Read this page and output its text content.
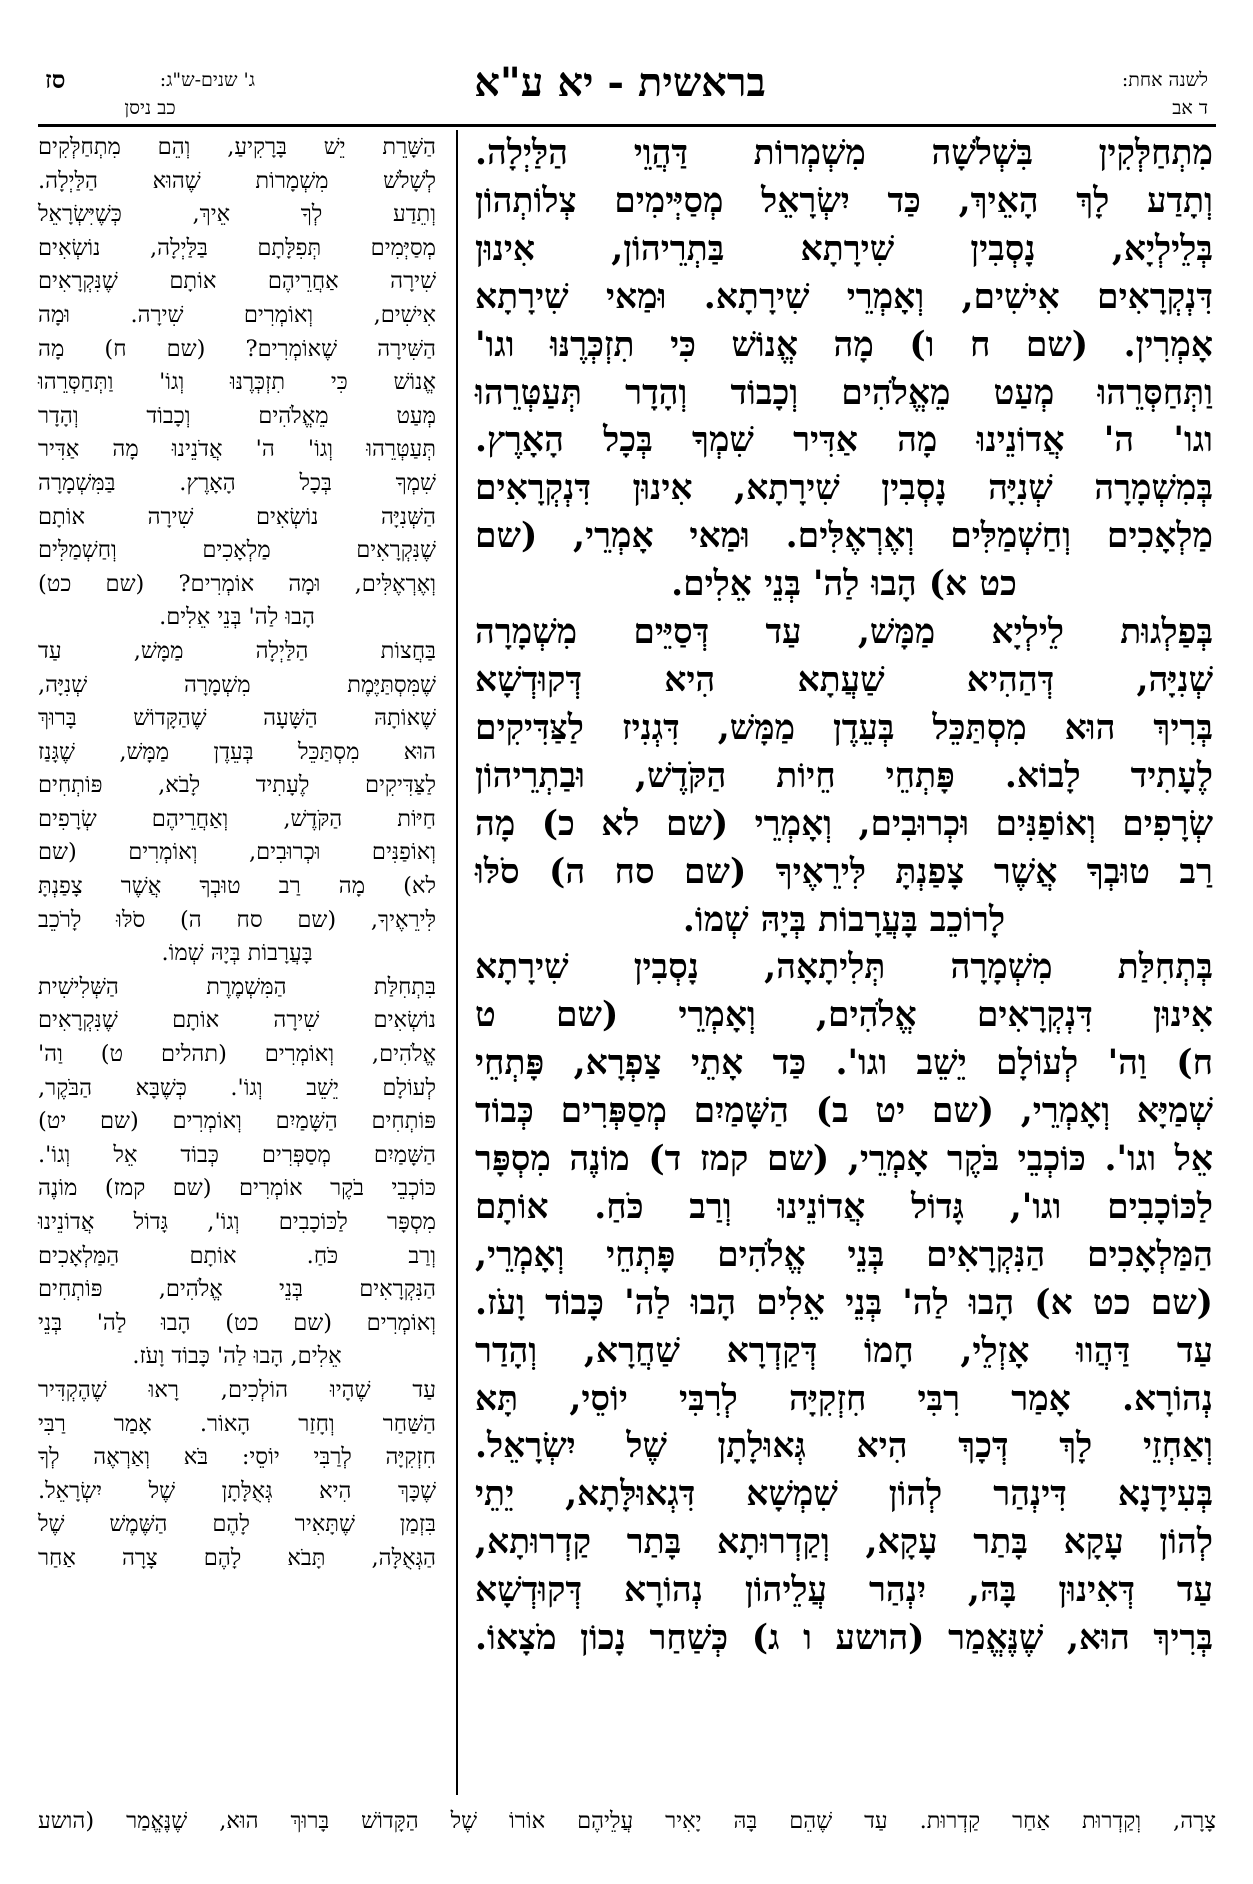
לשנה אחת:
ד אב
בראשית - יא ע"א
ג' שנים-ש"ג:
סז
כב ניסן

מִתְחַלְּקִין בִּשְׁלֹשָׁה מִשְׁמְרוֹת דַּהֲוֵי הַלַּיְלָה.

וְתָדַע לָךְ הָאֵיךְ, כַּד יִשְׂרָאֵל מְסַיְּימִים צְלוֹתְהוֹן

בְּלֵילְיָא, נָסְבִין שִׁירָתָא בַּתְרֵיהוֹן, אִינוּן

דִּנְקְרָאִים אִישִׁים, וְאָמְרֵי שִׁירָתָא. וּמַאי שִׁירָתָא

אָמְרִין. (שם ח ו) מָה אֱנוֹשׁ כִּי תִזְכְּרֶנּוּ וגו'

וַתְּחַסְּרֵהוּ מְעַט מֵאֱלֹהִים וְכָבוֹד וְהָדָר תְּעַטְּרֵהוּ

וגו' ה' אֲדוֹנֵינוּ מָה אַדִּיר שִׁמְךָ בְּכָל הָאָרֶץ.

בְּמִשְׁמָרָה שְׁנִיָּה נָסְבִין שִׁירָתָא, אִינוּן דִּנְקְרָאִים

מַלְאָכִים וְחַשְׁמַלִּים וְאֶרְאֶלִּים. וּמַאי אָמְרֵי, (שם

כט א) הָבוּ לַה' בְּנֵי אֵלִים.

בְּפַלְגוּת לֵילְיָא מַמָּשׁ, עַד דְּסַיֵּים מִשְׁמָרָה

שְׁנִיָּה, דְּהַהִיא שַׁעֲתָא הִיא דְּקוּדְשָׁא

בְּרִיךְ הוּא מִסְתַּכֵּל בְּעֵדֶן מַמָּשׁ, דִּגְנִיז לַצַּדִּיקִים

לֶעָתִיד לָבוֹא. פָּתְחֵי חֵיוֹת הַקֹּדֶשׁ, וּבַתְרֵיהוֹן

שְׂרָפִים וְאוֹפַנִּים וּכְרוּבִים, וְאָמְרֵי (שם לא כ) מָה

רַב טוּבְךָ אֲשֶׁר צָפַנְתָּ לִּירֵאֶיךָ (שם סח ה) סֹלּוּ

לָרוֹכֵב בָּעֲרָבוֹת בְּיָהּ שְׁמוֹ.

בְּתְחִלַּת מִשְׁמָרָה תְּלִיתָאָה, נָסְבִין שִׁירָתָא

אִינוּן דִּנְקְרָאִים אֱלֹהִים, וְאָמְרֵי (שם ט

ח) וַה' לְעוֹלָם יֵשֵׁב וגו'. כַּד אָתֵי צַפְרָא, פָּתְחֵי

שְׁמַיָּא וְאָמְרֵי, (שם יט ב) הַשָּׁמַיִם מְסַפְּרִים כְּבוֹד

אֵל וגו'. כּוֹכְבֵי בֹּקֶר אָמְרֵי, (שם קמז ד) מוֹנֶה מִסְפָּר

לַכּוֹכָבִים וגו', גָּדוֹל אֲדוֹנֵינוּ וְרַב כֹּחַ. אוֹתָם

הַמַּלְאָכִים הַנִּקְרָאִים בְּנֵי אֱלֹהִים פָּתְחֵי וְאָמְרֵי,

(שם כט א) הָבוּ לַה' בְּנֵי אֵלִים הָבוּ לַה' כָּבוֹד וָעֹז.

עַד דַּהֲווּ אָזְלֵי, חָמוֹ דְּקַדְרָא שַׁחֲרָא, וְהָדַר

נְהוֹרָא. אָמַר רִבִּי חִזְקִיָּה לְרִבִּי יוֹסֵי, תָּא

וְאַחְזֵי לָךְ דְּכָךְ הִיא גְּאוּלָתָן שֶׁל יִשְׂרָאֵל.

בְּעִידָנָא דִּינְהַר לְהוֹן שִׁמְשָׁא דִּגְאוּלָּתָא, יֵתֵי

לְהוֹן עָקָא בָּתַר עָקָא, וְקַדְרוּתָא בָּתַר קַדְרוּתָא,

עַד דְּאִינוּן בָּהּ, יִנְהַר עֲלֵיהוֹן נְהוֹרָא דְּקוּדְשָׁא

בְּרִיךְ הוּא, שֶׁנֶּאֱמַר (הושע ו ג) כְּשַׁחַר נָכוֹן מֹצָאוֹ.

הַשָּׁרֵת יֵשׁ בָּרָקִיעַ, וְהֵם מִתְחַלְּקִים

לְשָׁלֹשׁ מִשְׁמָרוֹת שֶׁהוּא הַלַּיְלָה.

וְתֵדַע לְךָ אֵיךְ, כְּשֶׁיִּשְׂרָאֵל

מְסַיְּמִים תְּפִלָּתָם בַּלַּיְלָה, נוֹשְׂאִים

שִׁירָה אַחֲרֵיהֶם אוֹתָם שֶׁנִּקְרָאִים

אִישִׁים, וְאוֹמְרִים שִׁירָה. וּמָה

הַשִּׁירָה שֶׁאוֹמְרִים? (שם ח) מָה

אֱנוֹשׁ כִּי תִזְכְּרֶנּוּ וְגוֹ' וַתְּחַסְּרֵהוּ

מְּעַט מֵאֱלֹהִים וְכָבוֹד וְהָדָר

תְּעַטְּרֵהוּ וְגוֹ' ה' אֲדֹנֵינוּ מָה אַדִּיר

שִׁמְךָ בְּכָל הָאָרֶץ. בַּמִּשְׁמָרָה

הַשְּׁנִיָּה נוֹשְׂאִים שִׁירָה אוֹתָם

שֶׁנִּקְרָאִים מַלְאָכִים וְחַשְׁמַלִּים

וְאֶרְאֶלִּים, וּמָה אוֹמְרִים? (שם כט)

הָבוּ לַה' בְּנֵי אֵלִים.

בַּחֲצוֹת הַלַּיְלָה מַמָּשׁ, עַד

שֶׁמִּסְתַּיֶּמֶת מִשְׁמָרָה שְׁנִיָּה,

שֶׁאוֹתָהּ הַשָּׁעָה שֶׁהַקָּדוֹשׁ בָּרוּךְ

הוּא מִסְתַּכֵּל בְּעֵדֶן מַמָּשׁ, שֶׁגָּנַז

לַצַּדִּיקִים לֶעָתִיד לָבֹא, פּוֹתְחִים

חַיּוֹת הַקֹּדֶשׁ, וְאַחֲרֵיהֶם שְׂרָפִים

וְאוֹפַנִּים וּכְרוּבִים, וְאוֹמְרִים (שם

לא) מָה רַב טוּבְךָ אֲשֶׁר צָפַנְתָּ

לִּירֵאֶיךָ, (שם סח ה) סֹלּוּ לָרֹכֵב

בָּעֲרָבוֹת בְּיָהּ שְׁמוֹ.

בִּתְחִלַּת הַמִּשְׁמֶרֶת הַשְּׁלִישִׁית

נוֹשְׂאִים שִׁירָה אוֹתָם שֶׁנִּקְרָאִים

אֱלֹהִים, וְאוֹמְרִים (תהלים ט) וַה'

לְעוֹלָם יֵשֵׁב וְגוֹ'. כְּשֶׁבָּא הַבֹּקֶר,

פּוֹתְחִים הַשָּׁמַיִם וְאוֹמְרִים (שם יט)

הַשָּׁמַיִם מְסַפְּרִים כְּבוֹד אֵל וְגוֹ'.

כּוֹכְבֵי בֹקֶר אוֹמְרִים (שם קמז) מוֹנֶה

מִסְפָּר לַכּוֹכָבִים וְגוֹ', גָּדוֹל אֲדוֹנֵינוּ

וְרַב כֹּחַ. אוֹתָם הַמַּלְאָכִים

הַנִּקְרָאִים בְּנֵי אֱלֹהִים, פּוֹתְחִים

וְאוֹמְרִים (שם כט) הָבוּ לַה' בְּנֵי

אֵלִים, הָבוּ לַה' כָּבוֹד וָעֹז.

עַד שֶׁהָיוּ הוֹלְכִים, רָאוּ שֶׁהֶקְדִּיר

הַשַּׁחַר וְחָזַר הָאוֹר. אָמַר רַבִּי

חִזְקִיָּה לְרַבִּי יוֹסֵי: בֹּא וְאַרְאֶה לְךָ

שֶׁכָּךְ הִיא גְּאֻלָּתָן שֶׁל יִשְׂרָאֵל.

בִּזְמַן שֶׁתָּאִיר לָהֶם הַשֶּׁמֶשׁ שֶׁל

הַגְּאֻלָּה, תָּבֹא לָהֶם צָרָה אַחַר

צָרָה, וְקַדְרוּת אַחַר קַדְרוּת. עַד שֶׁהֵם בָּהּ יָאִיר עֲלֵיהֶם אוֹרוֹ שֶׁל הַקָּדוֹשׁ בָּרוּךְ הוּא, שֶׁנֶּאֱמַר (הושע
